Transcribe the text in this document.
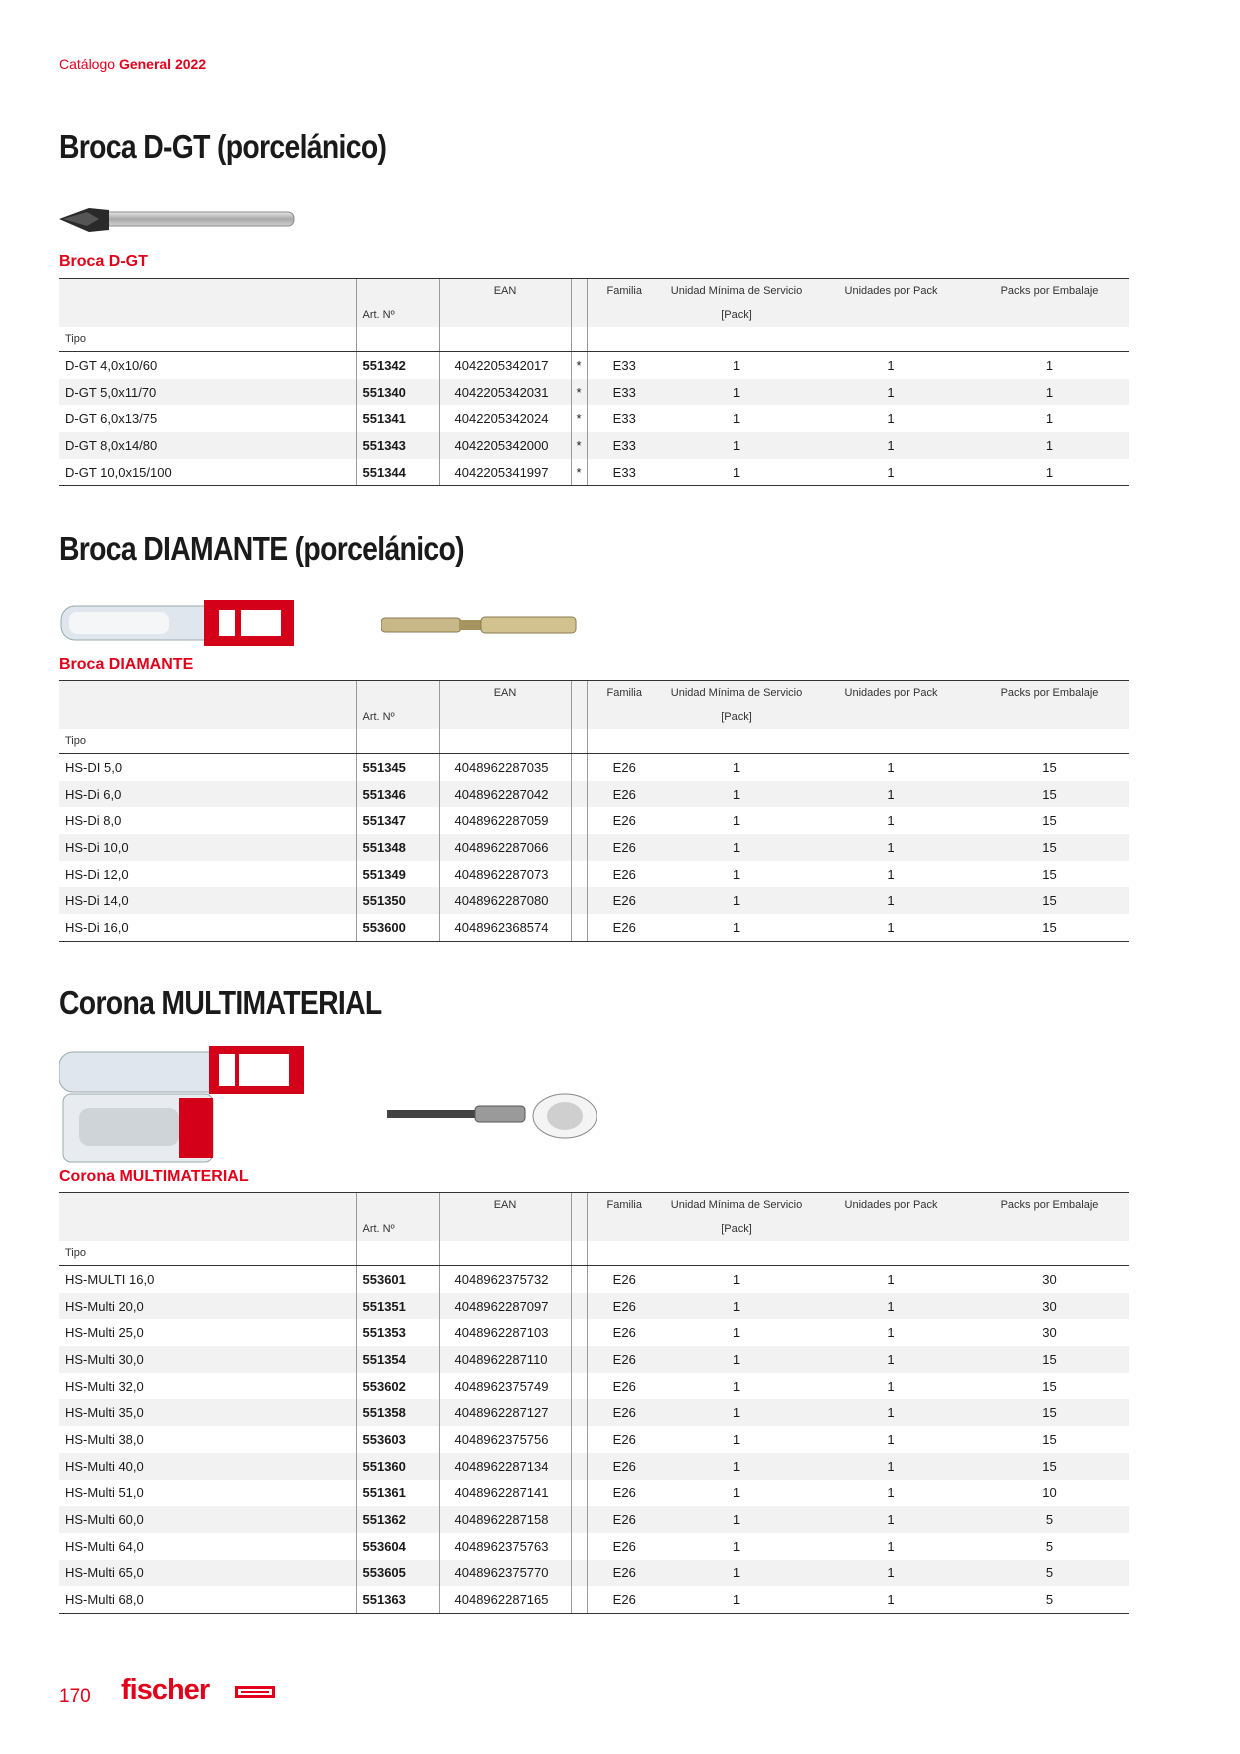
Catálogo General 2022
Broca D-GT (porcelánico)
Broca D-GT
		EAN		Familia	Unidad Mínima de Servicio	Unidades por Pack	Packs por Embalaje
	Art. Nº				[Pack]		
Tipo							
D-GT 4,0x10/60	551342	4042205342017	*	E33	1	1	1
D-GT 5,0x11/70	551340	4042205342031	*	E33	1	1	1
D-GT 6,0x13/75	551341	4042205342024	*	E33	1	1	1
D-GT 8,0x14/80	551343	4042205342000	*	E33	1	1	1
D-GT 10,0x15/100	551344	4042205341997	*	E33	1	1	1
Broca DIAMANTE (porcelánico)
Broca DIAMANTE
		EAN		Familia	Unidad Mínima de Servicio	Unidades por Pack	Packs por Embalaje
	Art. Nº				[Pack]		
Tipo							
HS-DI 5,0	551345	4048962287035		E26	1	1	15
HS-Di 6,0	551346	4048962287042		E26	1	1	15
HS-Di 8,0	551347	4048962287059		E26	1	1	15
HS-Di 10,0	551348	4048962287066		E26	1	1	15
HS-Di 12,0	551349	4048962287073		E26	1	1	15
HS-Di 14,0	551350	4048962287080		E26	1	1	15
HS-Di 16,0	553600	4048962368574		E26	1	1	15
Corona MULTIMATERIAL
Corona MULTIMATERIAL
		EAN		Familia	Unidad Mínima de Servicio	Unidades por Pack	Packs por Embalaje
	Art. Nº				[Pack]		
Tipo							
HS-MULTI 16,0	553601	4048962375732		E26	1	1	30
HS-Multi 20,0	551351	4048962287097		E26	1	1	30
HS-Multi 25,0	551353	4048962287103		E26	1	1	30
HS-Multi 30,0	551354	4048962287110		E26	1	1	15
HS-Multi 32,0	553602	4048962375749		E26	1	1	15
HS-Multi 35,0	551358	4048962287127		E26	1	1	15
HS-Multi 38,0	553603	4048962375756		E26	1	1	15
HS-Multi 40,0	551360	4048962287134		E26	1	1	15
HS-Multi 51,0	551361	4048962287141		E26	1	1	10
HS-Multi 60,0	551362	4048962287158		E26	1	1	5
HS-Multi 64,0	553604	4048962375763		E26	1	1	5
HS-Multi 65,0	553605	4048962375770		E26	1	1	5
HS-Multi 68,0	551363	4048962287165		E26	1	1	5
170 fischer
